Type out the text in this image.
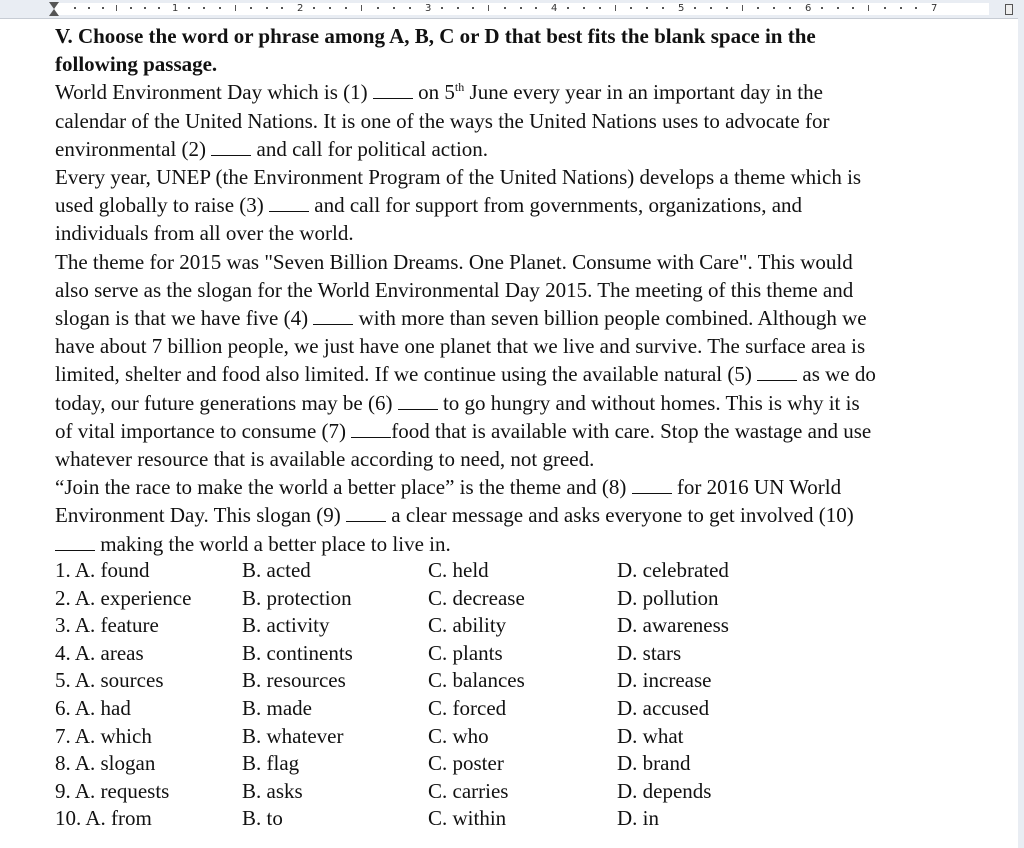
1	2	3	4	5	6	7
V. Choose the word or phrase among A, B, C or D that best fits the blank space in the
following passage.
World Environment Day which is (1)  on 5th June every year in an important day in the
calendar of the United Nations. It is one of the ways the United Nations uses to advocate for
environmental (2)  and call for political action.
Every year, UNEP (the Environment Program of the United Nations) develops a theme which is
used globally to raise (3)  and call for support from governments, organizations, and
individuals from all over the world.
The theme for 2015 was "Seven Billion Dreams. One Planet. Consume with Care". This would
also serve as the slogan for the World Environmental Day 2015. The meeting of this theme and
slogan is that we have five (4)  with more than seven billion people combined. Although we
have about 7 billion people, we just have one planet that we live and survive. The surface area is
limited, shelter and food also limited. If we continue using the available natural (5)  as we do
today, our future generations may be (6)  to go hungry and without homes. This is why it is
of vital importance to consume (7) food that is available with care. Stop the wastage and use
whatever resource that is available according to need, not greed.
“Join the race to make the world a better place” is the theme and (8)  for 2016 UN World
Environment Day. This slogan (9)  a clear message and asks everyone to get involved (10)
making the world a better place to live in.
1. A. found	B. acted	C. held	D. celebrated
2. A. experience B. protection	C. decrease	D. pollution
3. A. feature	B. activity	C. ability	D. awareness
4. A. areas	B. continents	C. plants	D. stars
5. A. sources	B. resources	C. balances	D. increase
6. A. had	B. made	C. forced	D. accused
7. A. which	B. whatever	C. who	D. what
8. A. slogan	B. flag	C. poster	D. brand
9. A. requests	B. asks	C. carries	D. depends
10. A. from	B. to	C. within	D. in
